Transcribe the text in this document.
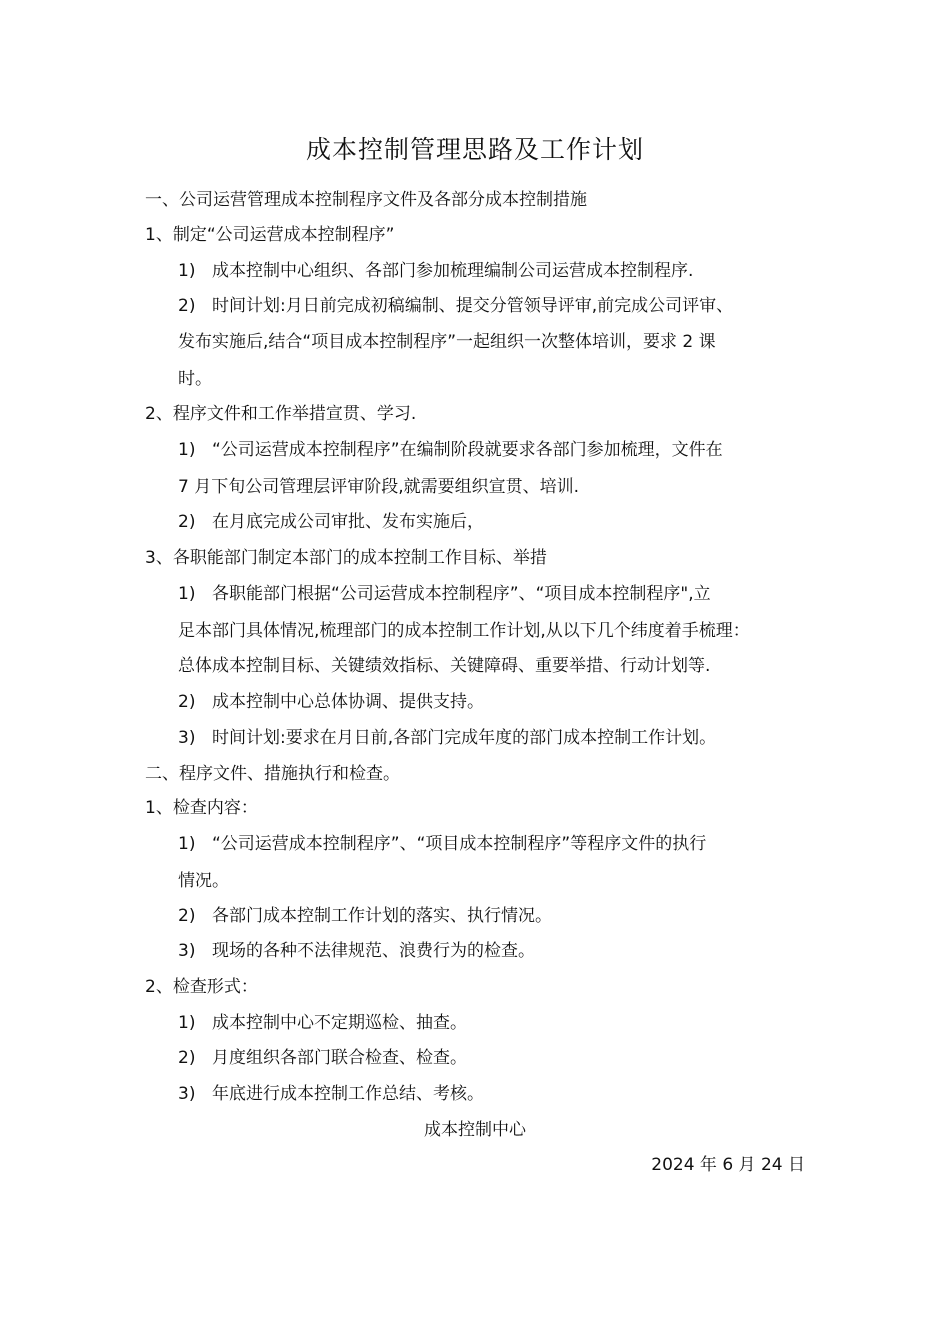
成本控制管理思路及工作计划
一、公司运营管理成本控制程序文件及各部分成本控制措施
1、制定“公司运营成本控制程序”
1) 成本控制中心组织、各部门参加梳理编制公司运营成本控制程序.
2) 时间计划:月日前完成初稿编制、提交分管领导评审,前完成公司评审、
发布实施后,结合“项目成本控制程序”一起组织一次整体培训，要求 2 课
时。
2、程序文件和工作举措宣贯、学习.
1) “公司运营成本控制程序”在编制阶段就要求各部门参加梳理，文件在
7 月下旬公司管理层评审阶段,就需要组织宣贯、培训.
2) 在月底完成公司审批、发布实施后，
3、各职能部门制定本部门的成本控制工作目标、举措
1) 各职能部门根据“公司运营成本控制程序”、“项目成本控制程序",立
足本部门具体情况,梳理部门的成本控制工作计划,从以下几个纬度着手梳理：
总体成本控制目标、关键绩效指标、关键障碍、重要举措、行动计划等.
2) 成本控制中心总体协调、提供支持。
3) 时间计划:要求在月日前,各部门完成年度的部门成本控制工作计划。
二、程序文件、措施执行和检查。
1、检查内容：
1) “公司运营成本控制程序”、“项目成本控制程序”等程序文件的执行
情况。
2) 各部门成本控制工作计划的落实、执行情况。
3) 现场的各种不法律规范、浪费行为的检查。
2、检查形式：
1) 成本控制中心不定期巡检、抽查。
2) 月度组织各部门联合检查、检查。
3) 年底进行成本控制工作总结、考核。
成本控制中心
2024 年 6 月 24 日
